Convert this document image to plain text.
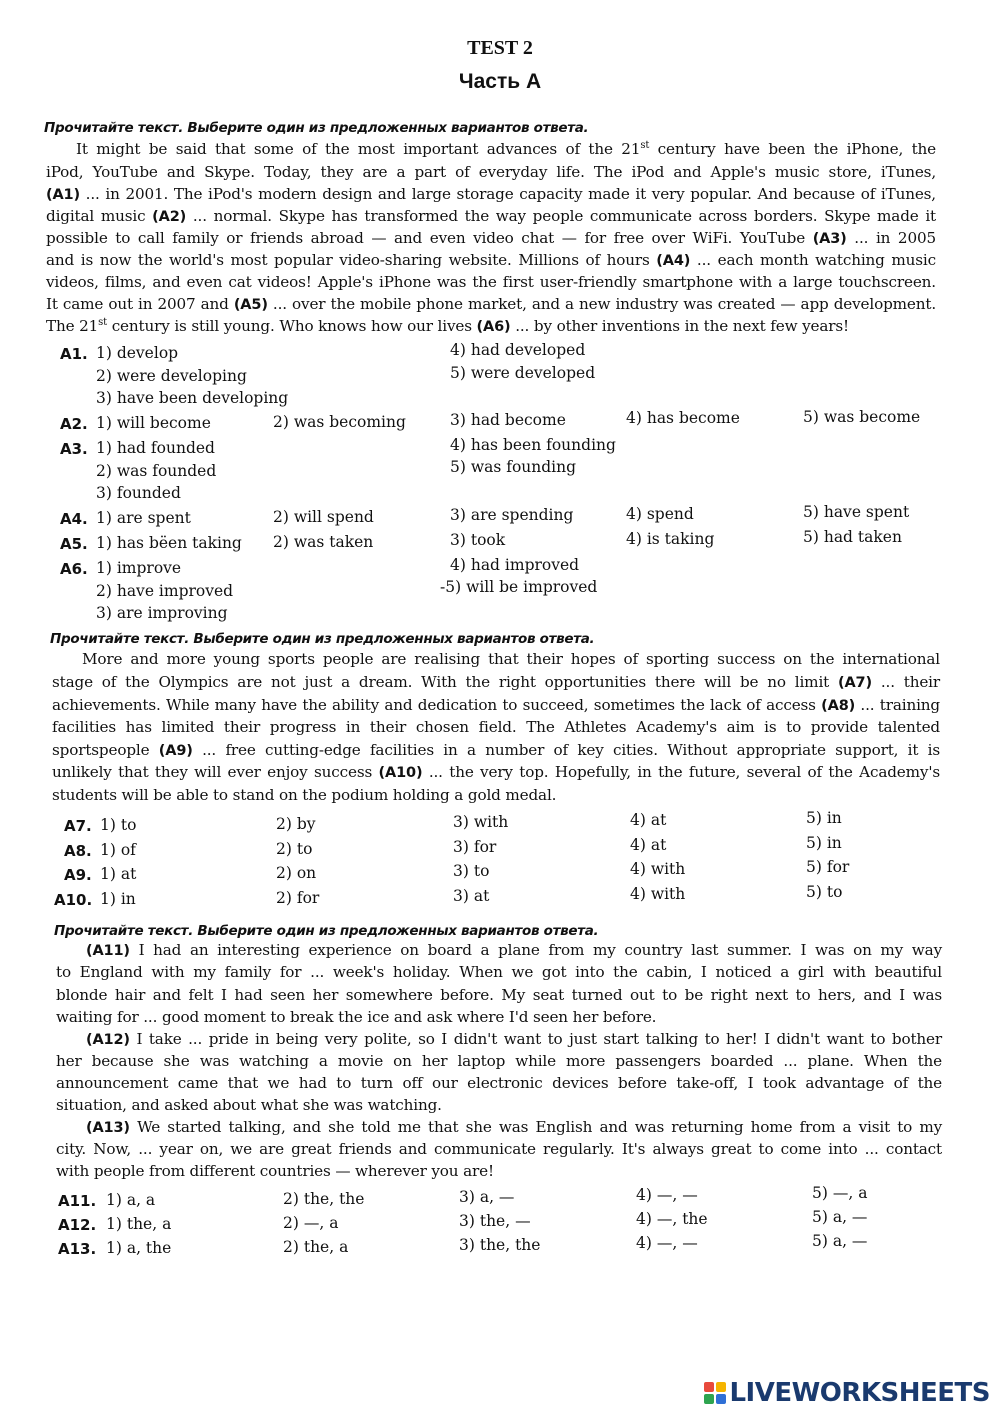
TEST 2
Часть А
Прочитайте текст. Выберите один из предложенных вариантов ответа.
It might be said that some of the most important advances of the 21st century have been the iPhone, the
iPod, YouTube and Skype. Today, they are a part of everyday life. The iPod and Apple's music store, iTunes,
(A1) ... in 2001. The iPod's modern design and large storage capacity made it very popular. And because of iTunes,
digital music (A2) ... normal. Skype has transformed the way people communicate across borders. Skype made it
possible to call family or friends abroad — and even video chat — for free over WiFi. YouTube (A3) ... in 2005
and is now the world's most popular video-sharing website. Millions of hours (A4) ... each month watching music
videos, films, and even cat videos! Apple's iPhone was the first user-friendly smartphone with a large touchscreen.
It came out in 2007 and (A5) ... over the mobile phone market, and a new industry was created — app development.
The 21st century is still young. Who knows how our lives (A6) ... by other inventions in the next few years!
A1. 1) develop
2) were developing
3) have been developing
4) had developed
5) were developed
A2. 1) will become	2) was becoming	3) had become	4) has become	5) was become
A3. 1) had founded
2) was founded
3) founded
4) has been founding
5) was founding
A4. 1) are spent	2) will spend	3) are spending	4) spend	5) have spent
A5. 1) has bëen taking 2) was taken	3) took	4) is taking	5) had taken
A6. 1) improve
2) have improved
3) are improving
4) had improved
-5) will be improved
Прочитайте текст. Выберите один из предложенных вариантов ответа.
More and more young sports people are realising that their hopes of sporting success on the international
stage of the Olympics are not just a dream. With the right opportunities there will be no limit (A7) ... their
achievements. While many have the ability and dedication to succeed, sometimes the lack of access (A8) ... training
facilities has limited their progress in their chosen field. The Athletes Academy's aim is to provide talented
sportspeople (A9) ... free cutting-edge facilities in a number of key cities. Without appropriate support, it is
unlikely that they will ever enjoy success (A10) ... the very top. Hopefully, in the future, several of the Academy's
students will be able to stand on the podium holding a gold medal.
A7. 1) to	2) by	3) with	4) at	5) in
A8. 1) of	2) to	3) for	4) at	5) in
A9. 1) at	2) on	3) to	4) with	5) for
A10. 1) in	2) for	3) at	4) with	5) to
Прочитайте текст. Выберите один из предложенных вариантов ответа.
(A11) I had an interesting experience on board a plane from my country last summer. I was on my way
to England with my family for ... week's holiday. When we got into the cabin, I noticed a girl with beautiful
blonde hair and felt I had seen her somewhere before. My seat turned out to be right next to hers, and I was
waiting for ... good moment to break the ice and ask where I'd seen her before.
(A12) I take ... pride in being very polite, so I didn't want to just start talking to her! I didn't want to bother
her because she was watching a movie on her laptop while more passengers boarded ... plane. When the
announcement came that we had to turn off our electronic devices before take-off, I took advantage of the
situation, and asked about what she was watching.
(A13) We started talking, and she told me that she was English and was returning home from a visit to my
city. Now, ... year on, we are great friends and communicate regularly. It's always great to come into ... contact
with people from different countries — wherever you are!
A11. 1) a, a	2) the, the	3) a, —	4) —, —	5) —, a
A12. 1) the, a	2) —, a	3) the, —	4) —, the	5) a, —
A13. 1) a, the	2) the, a	3) the, the	4) —, —	5) a, —
LIVEWORKSHEETS
